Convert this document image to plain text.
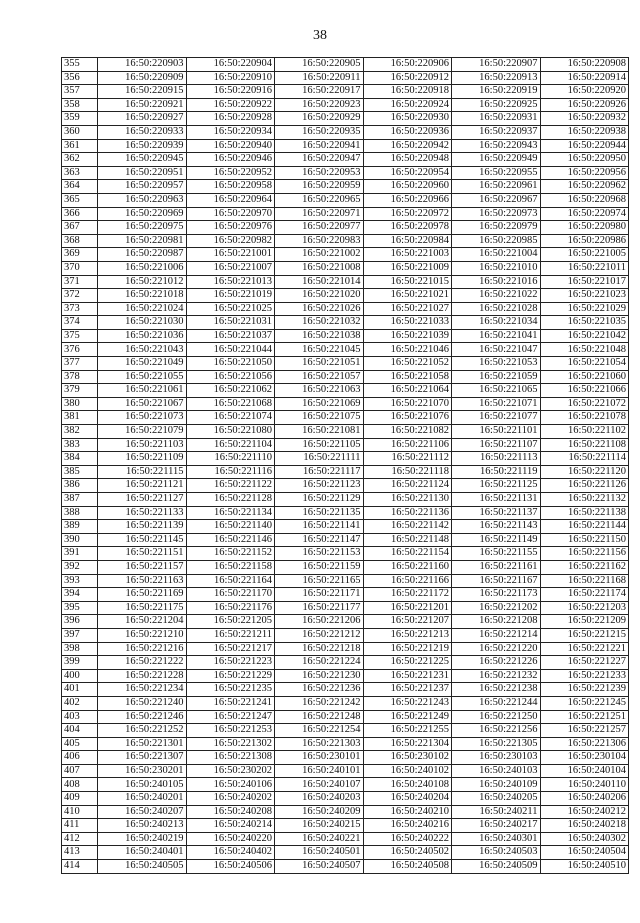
38
355	16:50:220903	16:50:220904	16:50:220905	16:50:220906	16:50:220907	16:50:220908
356	16:50:220909	16:50:220910	16:50:220911	16:50:220912	16:50:220913	16:50:220914
357	16:50:220915	16:50:220916	16:50:220917	16:50:220918	16:50:220919	16:50:220920
358	16:50:220921	16:50:220922	16:50:220923	16:50:220924	16:50:220925	16:50:220926
359	16:50:220927	16:50:220928	16:50:220929	16:50:220930	16:50:220931	16:50:220932
360	16:50:220933	16:50:220934	16:50:220935	16:50:220936	16:50:220937	16:50:220938
361	16:50:220939	16:50:220940	16:50:220941	16:50:220942	16:50:220943	16:50:220944
362	16:50:220945	16:50:220946	16:50:220947	16:50:220948	16:50:220949	16:50:220950
363	16:50:220951	16:50:220952	16:50:220953	16:50:220954	16:50:220955	16:50:220956
364	16:50:220957	16:50:220958	16:50:220959	16:50:220960	16:50:220961	16:50:220962
365	16:50:220963	16:50:220964	16:50:220965	16:50:220966	16:50:220967	16:50:220968
366	16:50:220969	16:50:220970	16:50:220971	16:50:220972	16:50:220973	16:50:220974
367	16:50:220975	16:50:220976	16:50:220977	16:50:220978	16:50:220979	16:50:220980
368	16:50:220981	16:50:220982	16:50:220983	16:50:220984	16:50:220985	16:50:220986
369	16:50:220987	16:50:221001	16:50:221002	16:50:221003	16:50:221004	16:50:221005
370	16:50:221006	16:50:221007	16:50:221008	16:50:221009	16:50:221010	16:50:221011
371	16:50:221012	16:50:221013	16:50:221014	16:50:221015	16:50:221016	16:50:221017
372	16:50:221018	16:50:221019	16:50:221020	16:50:221021	16:50:221022	16:50:221023
373	16:50:221024	16:50:221025	16:50:221026	16:50:221027	16:50:221028	16:50:221029
374	16:50:221030	16:50:221031	16:50:221032	16:50:221033	16:50:221034	16:50:221035
375	16:50:221036	16:50:221037	16:50:221038	16:50:221039	16:50:221041	16:50:221042
376	16:50:221043	16:50:221044	16:50:221045	16:50:221046	16:50:221047	16:50:221048
377	16:50:221049	16:50:221050	16:50:221051	16:50:221052	16:50:221053	16:50:221054
378	16:50:221055	16:50:221056	16:50:221057	16:50:221058	16:50:221059	16:50:221060
379	16:50:221061	16:50:221062	16:50:221063	16:50:221064	16:50:221065	16:50:221066
380	16:50:221067	16:50:221068	16:50:221069	16:50:221070	16:50:221071	16:50:221072
381	16:50:221073	16:50:221074	16:50:221075	16:50:221076	16:50:221077	16:50:221078
382	16:50:221079	16:50:221080	16:50:221081	16:50:221082	16:50:221101	16:50:221102
383	16:50:221103	16:50:221104	16:50:221105	16:50:221106	16:50:221107	16:50:221108
384	16:50:221109	16:50:221110	16:50:221111	16:50:221112	16:50:221113	16:50:221114
385	16:50:221115	16:50:221116	16:50:221117	16:50:221118	16:50:221119	16:50:221120
386	16:50:221121	16:50:221122	16:50:221123	16:50:221124	16:50:221125	16:50:221126
387	16:50:221127	16:50:221128	16:50:221129	16:50:221130	16:50:221131	16:50:221132
388	16:50:221133	16:50:221134	16:50:221135	16:50:221136	16:50:221137	16:50:221138
389	16:50:221139	16:50:221140	16:50:221141	16:50:221142	16:50:221143	16:50:221144
390	16:50:221145	16:50:221146	16:50:221147	16:50:221148	16:50:221149	16:50:221150
391	16:50:221151	16:50:221152	16:50:221153	16:50:221154	16:50:221155	16:50:221156
392	16:50:221157	16:50:221158	16:50:221159	16:50:221160	16:50:221161	16:50:221162
393	16:50:221163	16:50:221164	16:50:221165	16:50:221166	16:50:221167	16:50:221168
394	16:50:221169	16:50:221170	16:50:221171	16:50:221172	16:50:221173	16:50:221174
395	16:50:221175	16:50:221176	16:50:221177	16:50:221201	16:50:221202	16:50:221203
396	16:50:221204	16:50:221205	16:50:221206	16:50:221207	16:50:221208	16:50:221209
397	16:50:221210	16:50:221211	16:50:221212	16:50:221213	16:50:221214	16:50:221215
398	16:50:221216	16:50:221217	16:50:221218	16:50:221219	16:50:221220	16:50:221221
399	16:50:221222	16:50:221223	16:50:221224	16:50:221225	16:50:221226	16:50:221227
400	16:50:221228	16:50:221229	16:50:221230	16:50:221231	16:50:221232	16:50:221233
401	16:50:221234	16:50:221235	16:50:221236	16:50:221237	16:50:221238	16:50:221239
402	16:50:221240	16:50:221241	16:50:221242	16:50:221243	16:50:221244	16:50:221245
403	16:50:221246	16:50:221247	16:50:221248	16:50:221249	16:50:221250	16:50:221251
404	16:50:221252	16:50:221253	16:50:221254	16:50:221255	16:50:221256	16:50:221257
405	16:50:221301	16:50:221302	16:50:221303	16:50:221304	16:50:221305	16:50:221306
406	16:50:221307	16:50:221308	16:50:230101	16:50:230102	16:50:230103	16:50:230104
407	16:50:230201	16:50:230202	16:50:240101	16:50:240102	16:50:240103	16:50:240104
408	16:50:240105	16:50:240106	16:50:240107	16:50:240108	16:50:240109	16:50:240110
409	16:50:240201	16:50:240202	16:50:240203	16:50:240204	16:50:240205	16:50:240206
410	16:50:240207	16:50:240208	16:50:240209	16:50:240210	16:50:240211	16:50:240212
411	16:50:240213	16:50:240214	16:50:240215	16:50:240216	16:50:240217	16:50:240218
412	16:50:240219	16:50:240220	16:50:240221	16:50:240222	16:50:240301	16:50:240302
413	16:50:240401	16:50:240402	16:50:240501	16:50:240502	16:50:240503	16:50:240504
414	16:50:240505	16:50:240506	16:50:240507	16:50:240508	16:50:240509	16:50:240510
